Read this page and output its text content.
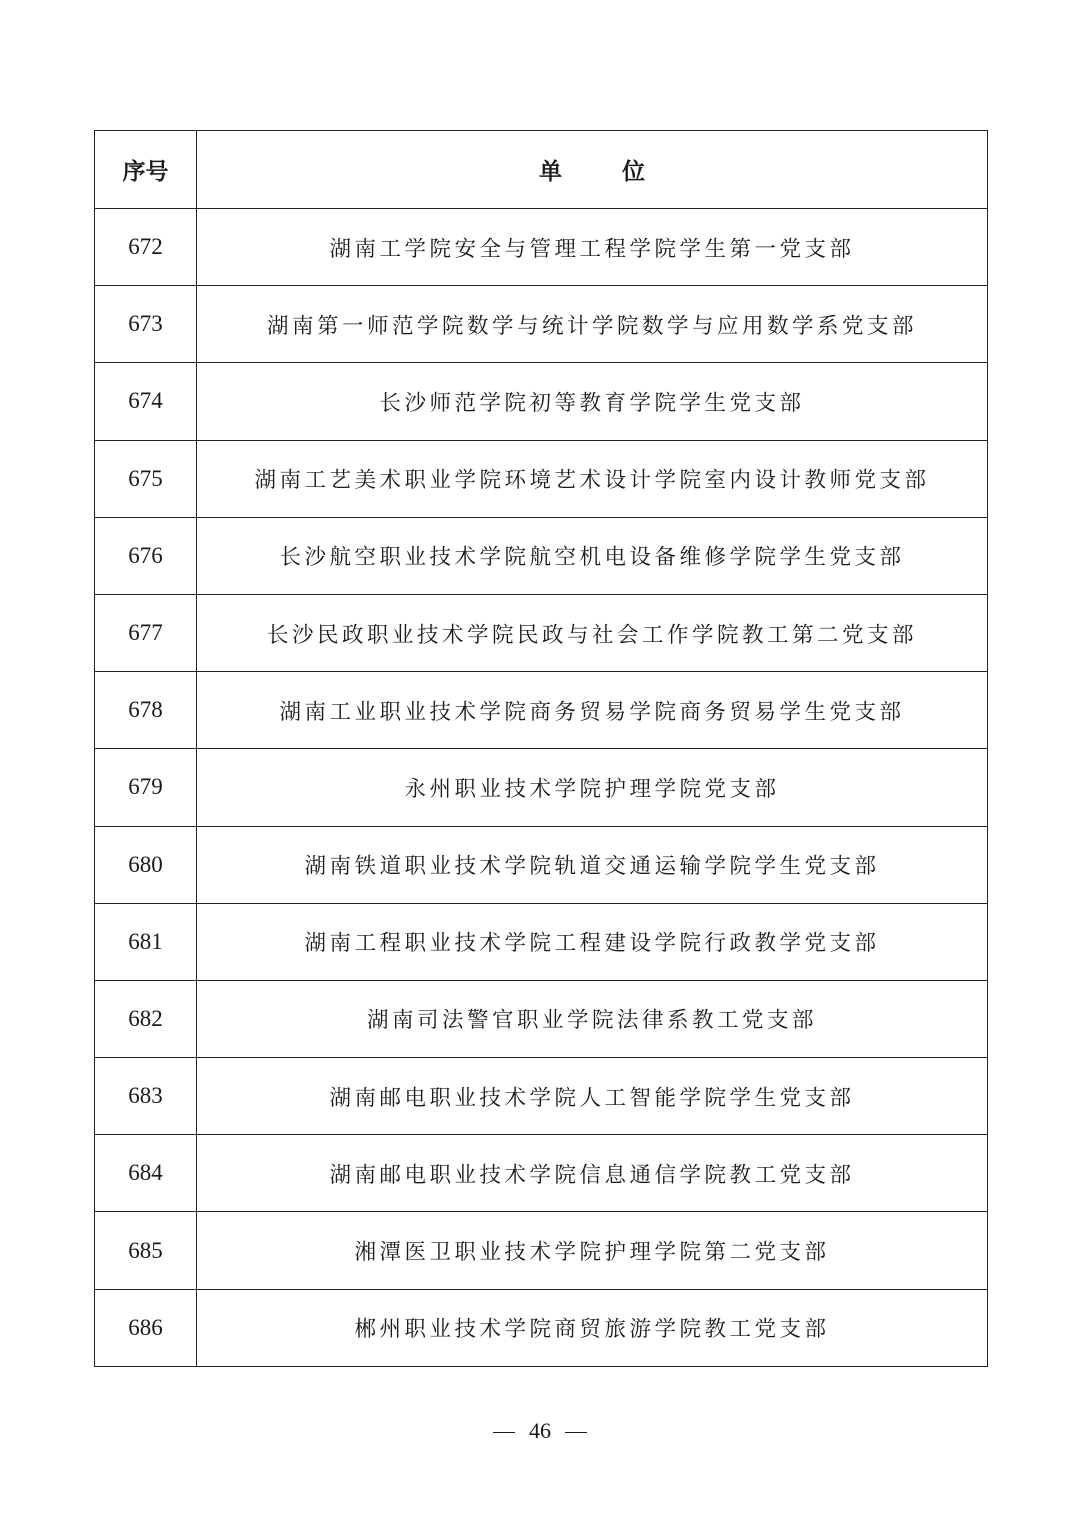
序号	单 位
672	湖南工学院安全与管理工程学院学生第一党支部
673	湖南第一师范学院数学与统计学院数学与应用数学系党支部
674	长沙师范学院初等教育学院学生党支部
675	湖南工艺美术职业学院环境艺术设计学院室内设计教师党支部
676	长沙航空职业技术学院航空机电设备维修学院学生党支部
677	长沙民政职业技术学院民政与社会工作学院教工第二党支部
678	湖南工业职业技术学院商务贸易学院商务贸易学生党支部
679	永州职业技术学院护理学院党支部
680	湖南铁道职业技术学院轨道交通运输学院学生党支部
681	湖南工程职业技术学院工程建设学院行政教学党支部
682	湖南司法警官职业学院法律系教工党支部
683	湖南邮电职业技术学院人工智能学院学生党支部
684	湖南邮电职业技术学院信息通信学院教工党支部
685	湘潭医卫职业技术学院护理学院第二党支部
686	郴州职业技术学院商贸旅游学院教工党支部
46
